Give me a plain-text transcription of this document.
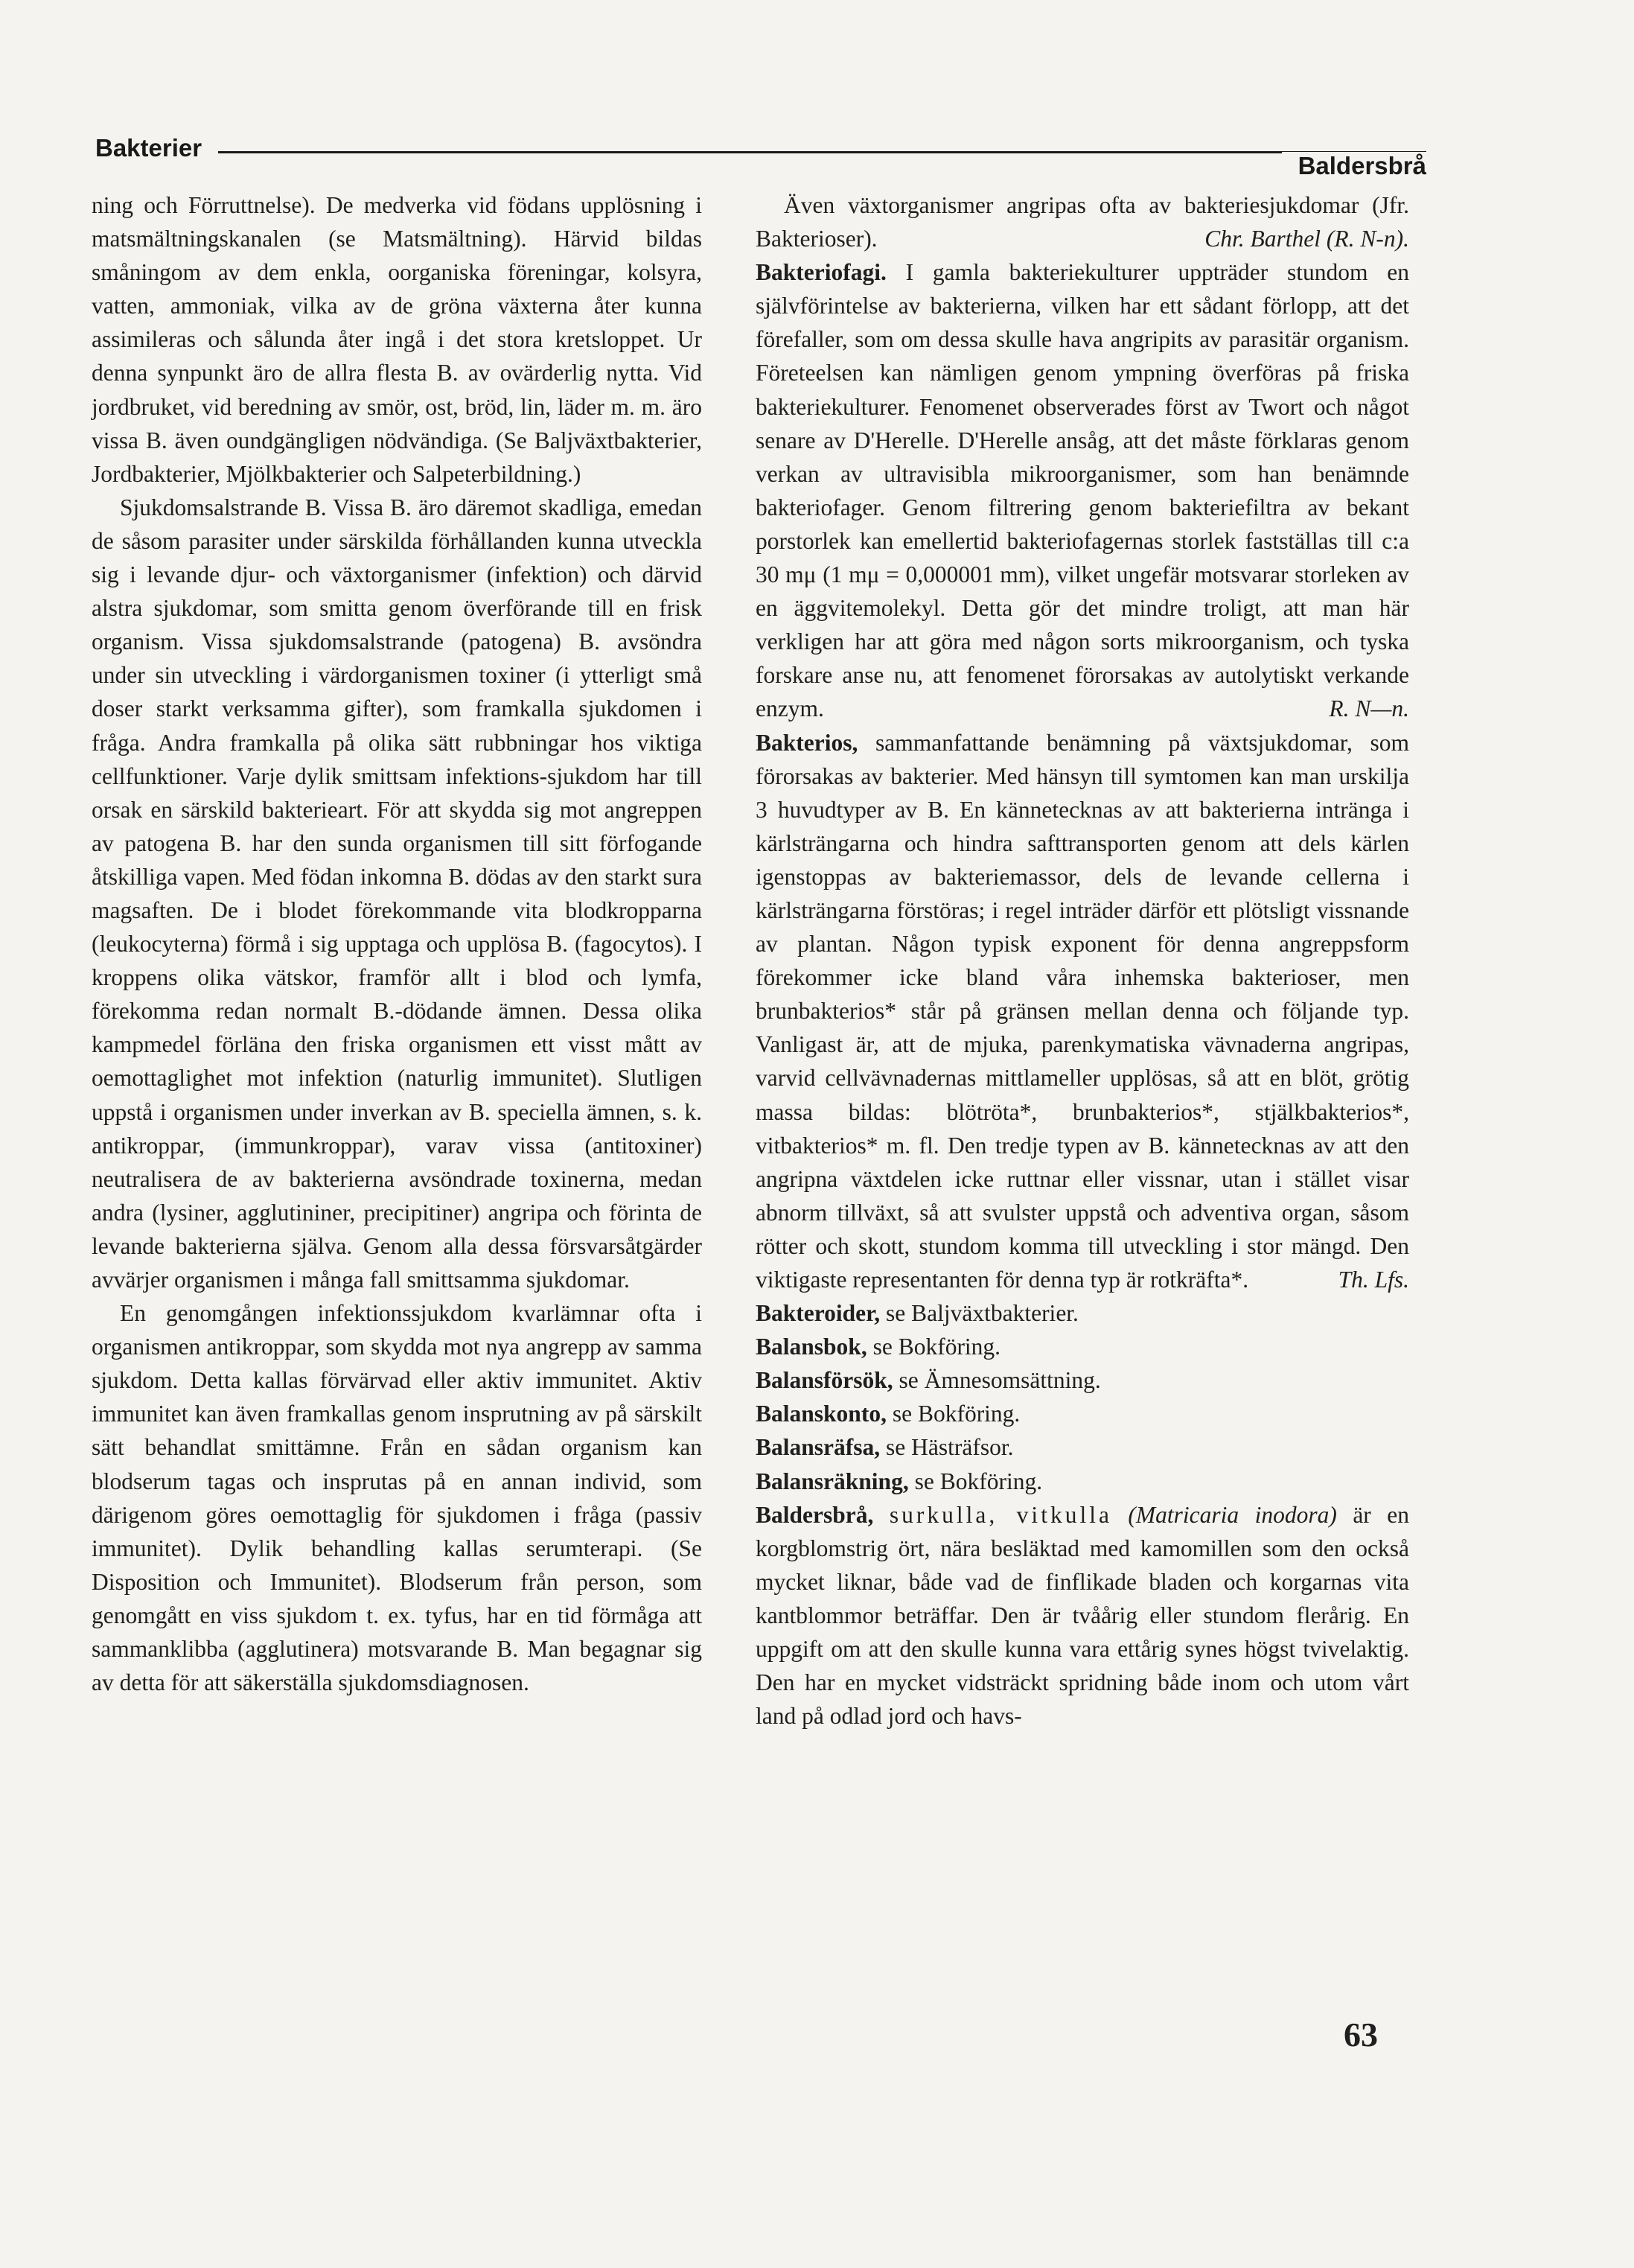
Bakterier
Baldersbrå

ning och Förruttnelse). De medverka vid födans upplösning i matsmältningskanalen (se Matsmältning). Härvid bildas småningom av dem enkla, oorganiska föreningar, kolsyra, vatten, ammoniak, vilka av de gröna växterna åter kunna assimileras och sålunda åter ingå i det stora kretsloppet. Ur denna synpunkt äro de allra flesta B. av ovärderlig nytta. Vid jordbruket, vid beredning av smör, ost, bröd, lin, läder m. m. äro vissa B. även oundgängligen nödvändiga. (Se Baljväxtbakterier, Jordbakterier, Mjölkbakterier och Salpeterbildning.)

Sjukdomsalstrande B. Vissa B. äro däremot skadliga, emedan de såsom parasiter under särskilda förhållanden kunna utveckla sig i levande djur- och växtorganismer (infektion) och därvid alstra sjukdomar, som smitta genom överförande till en frisk organism. Vissa sjukdomsalstrande (patogena) B. avsöndra under sin utveckling i värdorganismen toxiner (i ytterligt små doser starkt verksamma gifter), som framkalla sjukdomen i fråga. Andra framkalla på olika sätt rubbningar hos viktiga cellfunktioner. Varje dylik smittsam infektions-sjukdom har till orsak en särskild bakterieart. För att skydda sig mot angreppen av patogena B. har den sunda organismen till sitt förfogande åtskilliga vapen. Med födan inkomna B. dödas av den starkt sura magsaften. De i blodet förekommande vita blodkropparna (leukocyterna) förmå i sig upptaga och upplösa B. (fagocytos). I kroppens olika vätskor, framför allt i blod och lymfa, förekomma redan normalt B.-dödande ämnen. Dessa olika kampmedel förläna den friska organismen ett visst mått av oemottaglighet mot infektion (naturlig immunitet). Slutligen uppstå i organismen under inverkan av B. speciella ämnen, s. k. antikroppar, (immunkroppar), varav vissa (antitoxiner) neutralisera de av bakterierna avsöndrade toxinerna, medan andra (lysiner, agglutininer, precipitiner) angripa och förinta de levande bakterierna själva. Genom alla dessa försvarsåtgärder avvärjer organismen i många fall smittsamma sjukdomar.

En genomgången infektionssjukdom kvarlämnar ofta i organismen antikroppar, som skydda mot nya angrepp av samma sjukdom. Detta kallas förvärvad eller aktiv immunitet. Aktiv immunitet kan även framkallas genom insprutning av på särskilt sätt behandlat smittämne. Från en sådan organism kan blodserum tagas och insprutas på en annan individ, som därigenom göres oemottaglig för sjukdomen i fråga (passiv immunitet). Dylik behandling kallas serumterapi. (Se Disposition och Immunitet). Blodserum från person, som genomgått en viss sjukdom t. ex. tyfus, har en tid förmåga att sammanklibba (agglutinera) motsvarande B. Man begagnar sig av detta för att säkerställa sjukdomsdiagnosen.

Även växtorganismer angripas ofta av bakteriesjukdomar (Jfr. Bakterioser).	Chr. Barthel (R. N-n).

Bakteriofagi. I gamla bakteriekulturer uppträder stundom en självförintelse av bakterierna, vilken har ett sådant förlopp, att det förefaller, som om dessa skulle hava angripits av parasitär organism. Företeelsen kan nämligen genom ympning överföras på friska bakteriekulturer. Fenomenet observerades först av Twort och något senare av D'Herelle. D'Herelle ansåg, att det måste förklaras genom verkan av ultravisibla mikroorganismer, som han benämnde bakteriofager. Genom filtrering genom bakteriefiltra av bekant porstorlek kan emellertid bakteriofagernas storlek fastställas till c:a 30 mμ (1 mμ = 0,000001 mm), vilket ungefär motsvarar storleken av en äggvitemolekyl. Detta gör det mindre troligt, att man här verkligen har att göra med någon sorts mikroorganism, och tyska forskare anse nu, att fenomenet förorsakas av autolytiskt verkande enzym.	R. N—n.

Bakterios, sammanfattande benämning på växtsjukdomar, som förorsakas av bakterier. Med hänsyn till symtomen kan man urskilja 3 huvudtyper av B. En kännetecknas av att bakterierna intränga i kärlsträngarna och hindra safttransporten genom att dels kärlen igenstoppas av bakteriemassor, dels de levande cellerna i kärlsträngarna förstöras; i regel inträder därför ett plötsligt vissnande av plantan. Någon typisk exponent för denna angreppsform förekommer icke bland våra inhemska bakterioser, men brunbakterios* står på gränsen mellan denna och följande typ. Vanligast är, att de mjuka, parenkymatiska vävnaderna angripas, varvid cellvävnadernas mittlameller upplösas, så att en blöt, grötig massa bildas: blötröta*, brunbakterios*, stjälkbakterios*, vitbakterios* m. fl. Den tredje typen av B. kännetecknas av att den angripna växtdelen icke ruttnar eller vissnar, utan i stället visar abnorm tillväxt, så att svulster uppstå och adventiva organ, såsom rötter och skott, stundom komma till utveckling i stor mängd. Den viktigaste representanten för denna typ är rotkräfta*.	Th. Lfs.

Bakteroider, se Baljväxtbakterier.

Balansbok, se Bokföring.

Balansförsök, se Ämnesomsättning.

Balanskonto, se Bokföring.

Balansräfsa, se Hästräfsor.

Balansräkning, se Bokföring.

Baldersbrå, surkulla, vitkulla (Matricaria inodora) är en korgblomstrig ört, nära besläktad med kamomillen som den också mycket liknar, både vad de finflikade bladen och korgarnas vita kantblommor beträffar. Den är tvåårig eller stundom flerårig. En uppgift om att den skulle kunna vara ettårig synes högst tvivelaktig. Den har en mycket vidsträckt spridning både inom och utom vårt land på odlad jord och havs-

63
